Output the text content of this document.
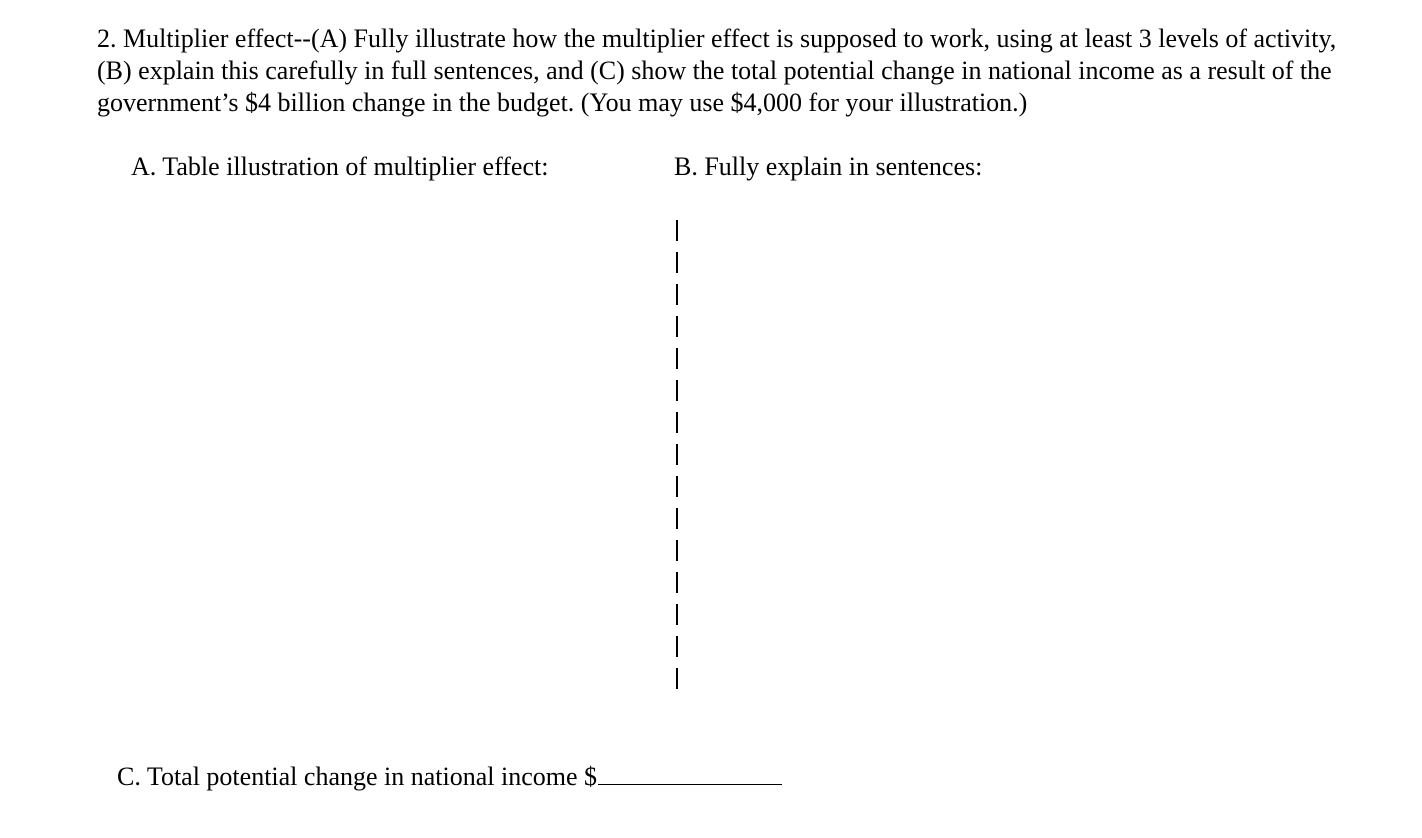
2. Multiplier effect--(A) Fully illustrate how the multiplier effect is supposed to work, using at least 3 levels of activity, (B) explain this carefully in full sentences, and (C) show the total potential change in national income as a result of the government’s $4 billion change in the budget. (You may use $4,000 for your illustration.)

A. Table illustration of multiplier effect:	B. Fully explain in sentences:
C. Total potential change in national income $
